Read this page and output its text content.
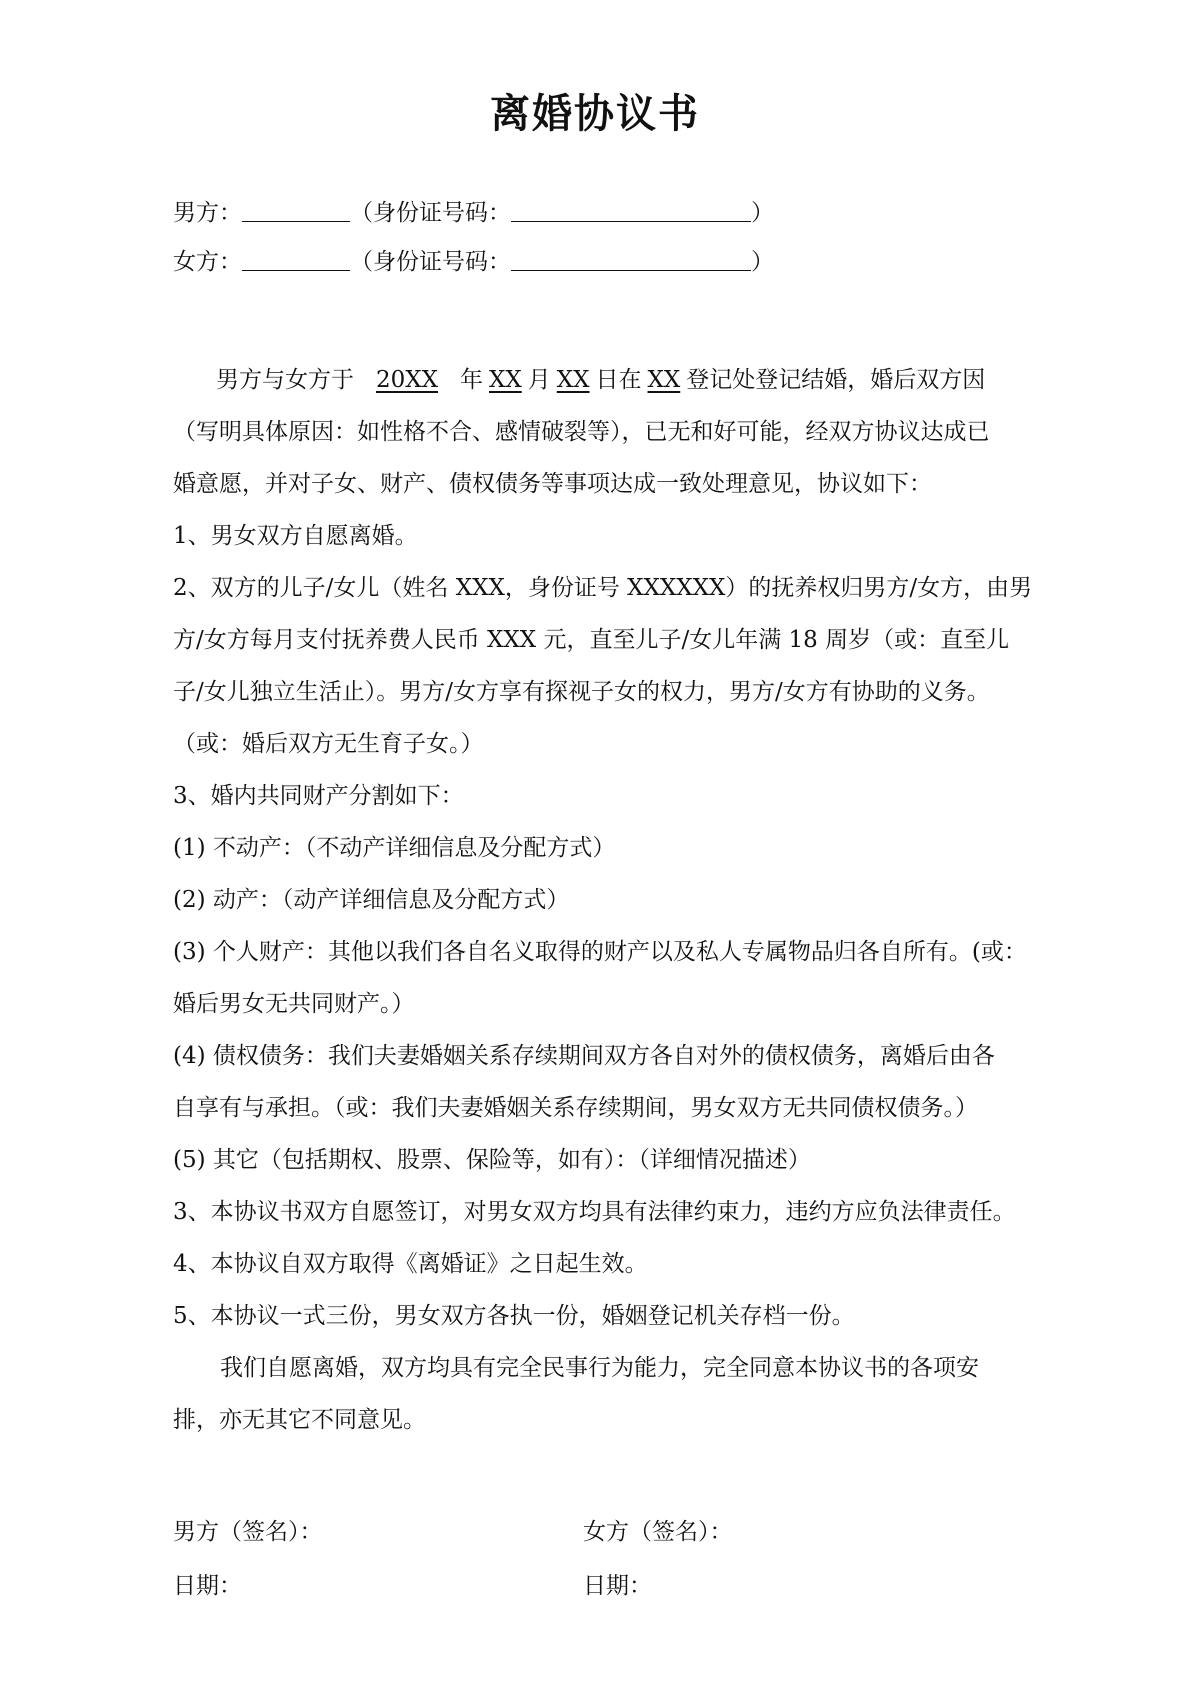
离婚协议书
男方：	（身份证号码：	）
女方：	（身份证号码：	）
男方与女方于 20XX 年 XX 月 XX 日在 XX 登记处登记结婚，婚后双方因
（写明具体原因：如性格不合、感情破裂等），已无和好可能，经双方协议达成已
婚意愿，并对子女、财产、债权债务等事项达成一致处理意见，协议如下：
1、男女双方自愿离婚。
2、双方的儿子/女儿（姓名 XXX，身份证号 XXXXXX）的抚养权归男方/女方，由男
方/女方每月支付抚养费人民币 XXX 元，直至儿子/女儿年满 18 周岁（或：直至儿
子/女儿独立生活止）。男方/女方享有探视子女的权力，男方/女方有协助的义务。
（或：婚后双方无生育子女。）
3、婚内共同财产分割如下：
(1) 不动产：（不动产详细信息及分配方式）
(2) 动产：（动产详细信息及分配方式）
(3) 个人财产：其他以我们各自名义取得的财产以及私人专属物品归各自所有。(或：
婚后男女无共同财产。）
(4) 债权债务：我们夫妻婚姻关系存续期间双方各自对外的债权债务，离婚后由各
自享有与承担。（或：我们夫妻婚姻关系存续期间，男女双方无共同债权债务。）
(5) 其它（包括期权、股票、保险等，如有）：（详细情况描述）
3、本协议书双方自愿签订，对男女双方均具有法律约束力，违约方应负法律责任。
4、本协议自双方取得《离婚证》之日起生效。
5、本协议一式三份，男女双方各执一份，婚姻登记机关存档一份。
我们自愿离婚，双方均具有完全民事行为能力，完全同意本协议书的各项安
排，亦无其它不同意见。
男方（签名）：	女方（签名）：
日期：	日期：
